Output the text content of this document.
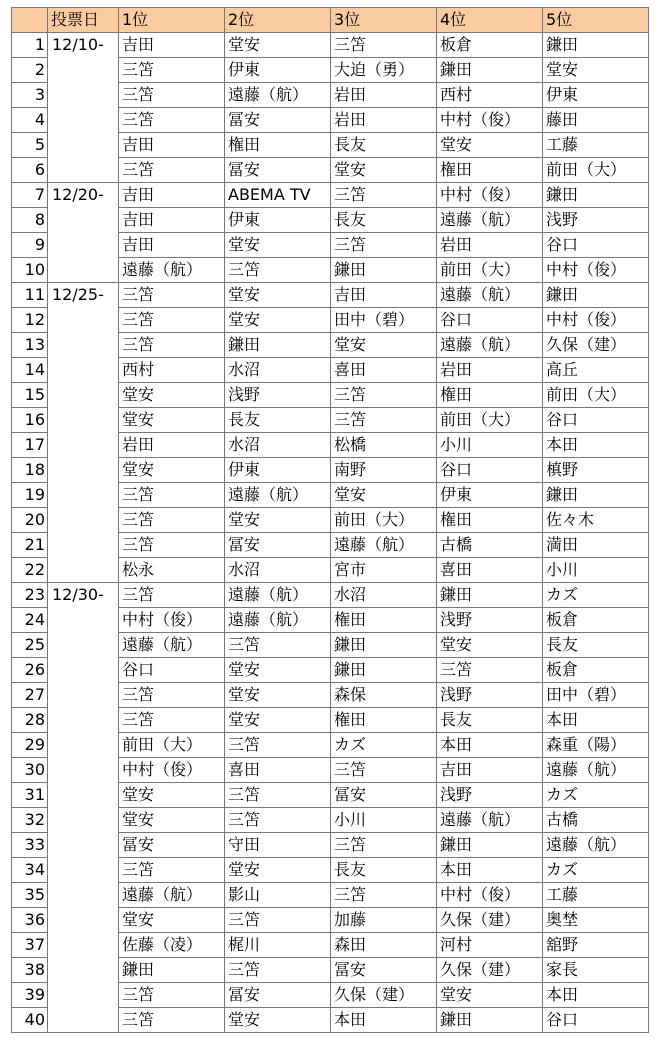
	投票日	1位	2位	3位	4位	5位
1	12/10-	吉田	堂安	三笘	板倉	鎌田
2		三笘	伊東	大迫（勇）	鎌田	堂安
3		三笘	遠藤（航）	岩田	西村	伊東
4		三笘	冨安	岩田	中村（俊）	藤田
5		吉田	権田	長友	堂安	工藤
6		三笘	冨安	堂安	権田	前田（大）
7	12/20-	吉田	ABEMA TV	三笘	中村（俊）	鎌田
8		吉田	伊東	長友	遠藤（航）	浅野
9		吉田	堂安	三笘	岩田	谷口
10		遠藤（航）	三笘	鎌田	前田（大）	中村（俊）
11	12/25-	三笘	堂安	吉田	遠藤（航）	鎌田
12		三笘	堂安	田中（碧）	谷口	中村（俊）
13		三笘	鎌田	堂安	遠藤（航）	久保（建）
14		西村	水沼	喜田	岩田	高丘
15		堂安	浅野	三笘	権田	前田（大）
16		堂安	長友	三笘	前田（大）	谷口
17		岩田	水沼	松橋	小川	本田
18		堂安	伊東	南野	谷口	槙野
19		三笘	遠藤（航）	堂安	伊東	鎌田
20		三笘	堂安	前田（大）	権田	佐々木
21		三笘	冨安	遠藤（航）	古橋	満田
22		松永	水沼	宮市	喜田	小川
23	12/30-	三笘	遠藤（航）	水沼	鎌田	カズ
24		中村（俊）	遠藤（航）	権田	浅野	板倉
25		遠藤（航）	三笘	鎌田	堂安	長友
26		谷口	堂安	鎌田	三笘	板倉
27		三笘	堂安	森保	浅野	田中（碧）
28		三笘	堂安	権田	長友	本田
29		前田（大）	三笘	カズ	本田	森重（陽）
30		中村（俊）	喜田	三笘	吉田	遠藤（航）
31		堂安	三笘	冨安	浅野	カズ
32		堂安	三笘	小川	遠藤（航）	古橋
33		冨安	守田	三笘	鎌田	遠藤（航）
34		三笘	堂安	長友	本田	カズ
35		遠藤（航）	影山	三笘	中村（俊）	工藤
36		堂安	三笘	加藤	久保（建）	奥埜
37		佐藤（凌）	梶川	森田	河村	舘野
38		鎌田	三笘	冨安	久保（建）	家長
39		三笘	冨安	久保（建）	堂安	本田
40		三笘	堂安	本田	鎌田	谷口
